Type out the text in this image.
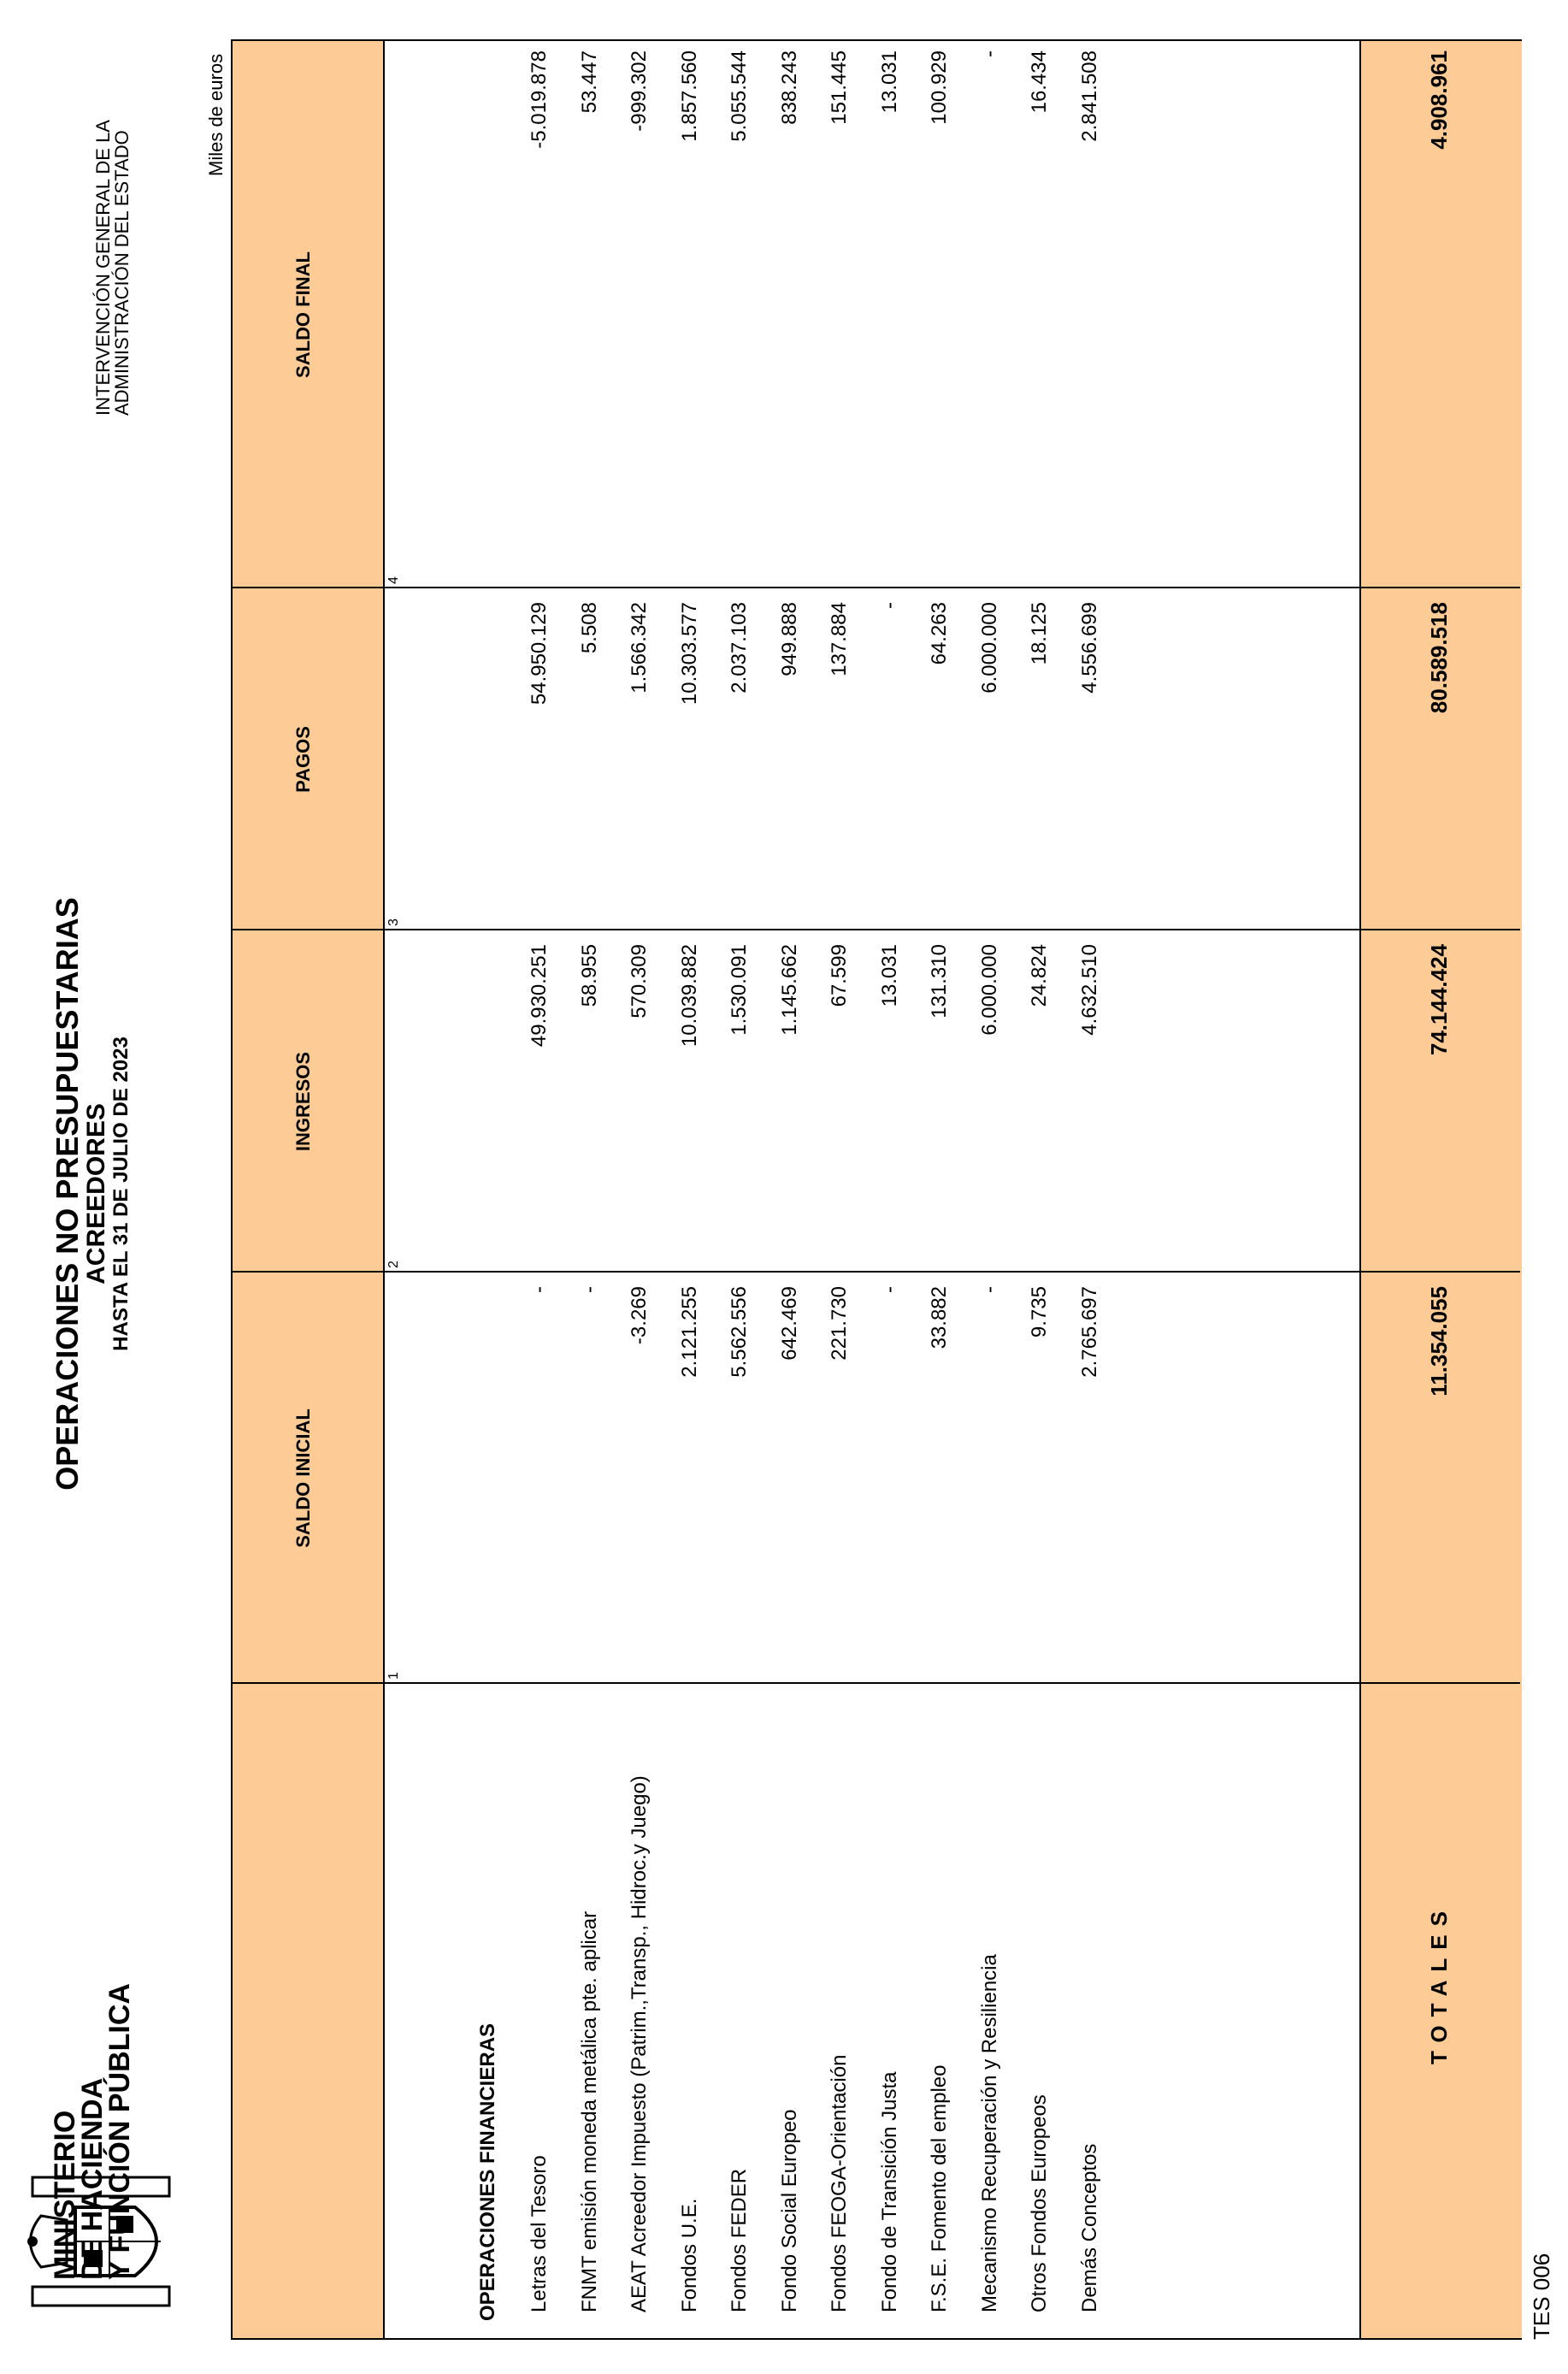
MINISTERIO
DE HACIENDA
Y FUNCIÓN PÚBLICA
OPERACIONES NO PRESUPUESTARIAS
ACREEDORES HASTA EL 31 DE JULIO DE 2023
INTERVENCIÓN GENERAL DE LA
ADMINISTRACIÓN DEL ESTADO
Miles de euros
SALDO INICIAL
INGRESOS
PAGOS
SALDO FINAL
1
2
3
4
OPERACIONES FINANCIERAS Letras del Tesoro
-
49.930.251
54.950.129
-5.019.878
FNMT emisión moneda metálica pte. aplicar
-
58.955
5.508
53.447
AEAT Acreedor Impuesto (Patrim.,Transp., Hidroc.y Juego)
-3.269
570.309
1.566.342
-999.302
Fondos U.E.
2.121.255
10.039.882
10.303.577
1.857.560
Fondos FEDER
5.562.556
1.530.091
2.037.103
5.055.544
Fondo Social Europeo
642.469
1.145.662
949.888
838.243
Fondos FEOGA-Orientación
221.730
67.599
137.884
151.445
Fondo de Transición Justa
-
13.031
-
13.031
F.S.E. Fomento del empleo
33.882
131.310
64.263
100.929
Mecanismo Recuperación y Resiliencia
-
6.000.000
6.000.000
-
Otros Fondos Europeos
9.735
24.824
18.125
16.434
Demás Conceptos
2.765.697
4.632.510
4.556.699
2.841.508
TOTALES
11.354.055
74.144.424
80.589.518
4.908.961
TES 006
